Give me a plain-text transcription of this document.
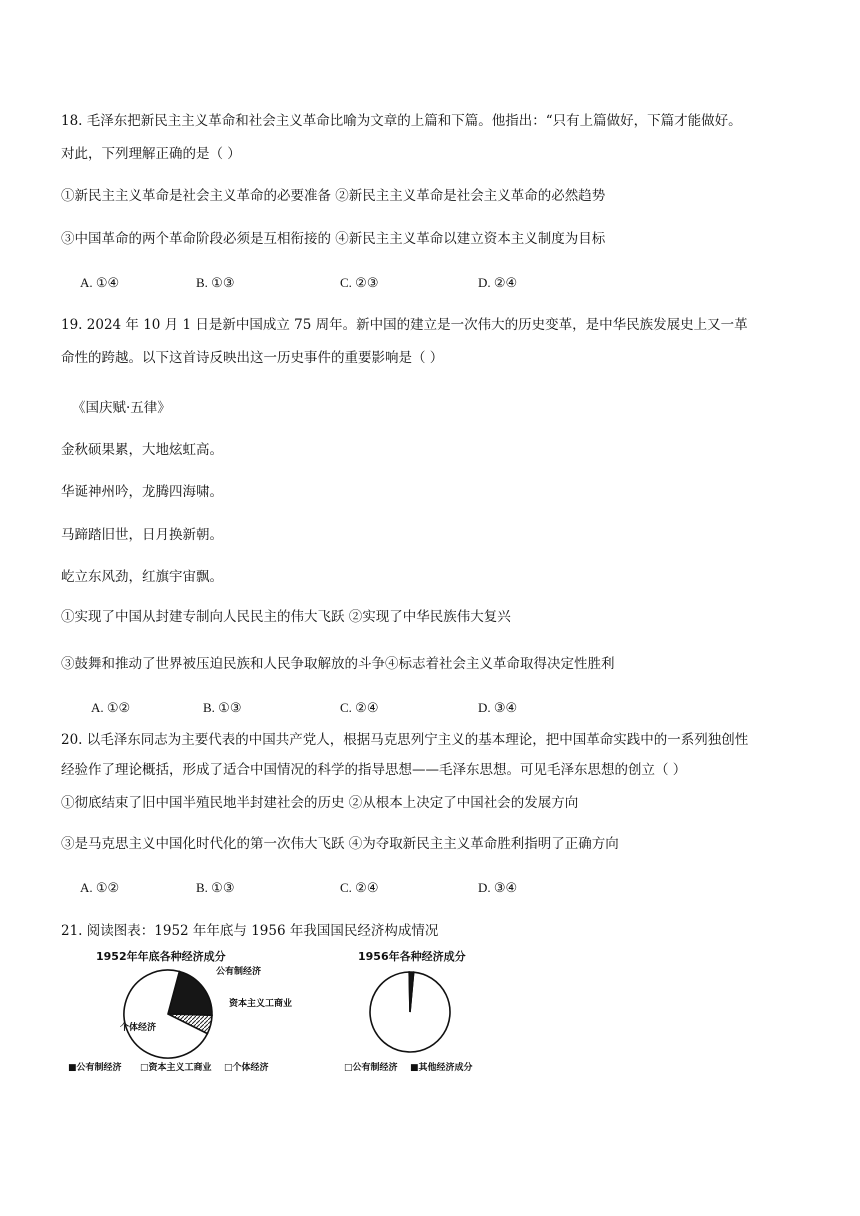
18. 毛泽东把新民主主义革命和社会主义革命比喻为文章的上篇和下篇。他指出：“只有上篇做好，下篇才能做好。
对此，下列理解正确的是（ ）
①新民主主义革命是社会主义革命的必要准备 ②新民主主义革命是社会主义革命的必然趋势
③中国革命的两个革命阶段必须是互相衔接的 ④新民主主义革命以建立资本主义制度为目标
A. ①④	B. ①③	C. ②③	D. ②④
19. 2024 年 10 月 1 日是新中国成立 75 周年。新中国的建立是一次伟大的历史变革，是中华民族发展史上又一革
命性的跨越。以下这首诗反映出这一历史事件的重要影响是（ ）
《国庆赋·五律》
金秋硕果累，大地炫虹高。
华诞神州吟，龙腾四海啸。
马蹄踏旧世，日月换新朝。
屹立东风劲，红旗宇宙飘。
①实现了中国从封建专制向人民民主的伟大飞跃 ②实现了中华民族伟大复兴
③鼓舞和推动了世界被压迫民族和人民争取解放的斗争④标志着社会主义革命取得决定性胜利
A. ①②	B. ①③	C. ②④	D. ③④
20. 以毛泽东同志为主要代表的中国共产党人，根据马克思列宁主义的基本理论，把中国革命实践中的一系列独创性
经验作了理论概括，形成了适合中国情况的科学的指导思想——毛泽东思想。可见毛泽东思想的创立（ ）
①彻底结束了旧中国半殖民地半封建社会的历史 ②从根本上决定了中国社会的发展方向
③是马克思主义中国化时代化的第一次伟大飞跃 ④为夺取新民主主义革命胜利指明了正确方向
A. ①②	B. ①③	C. ②④	D. ③④
21. 阅读图表：1952 年年底与 1956 年我国国民经济构成情况
1952年年底各种经济成分
公有制经济
资本主义工商业
个体经济
■公有制经济 □资本主义工商业 □个体经济
1956年各种经济成分
□公有制经济 ■其他经济成分
